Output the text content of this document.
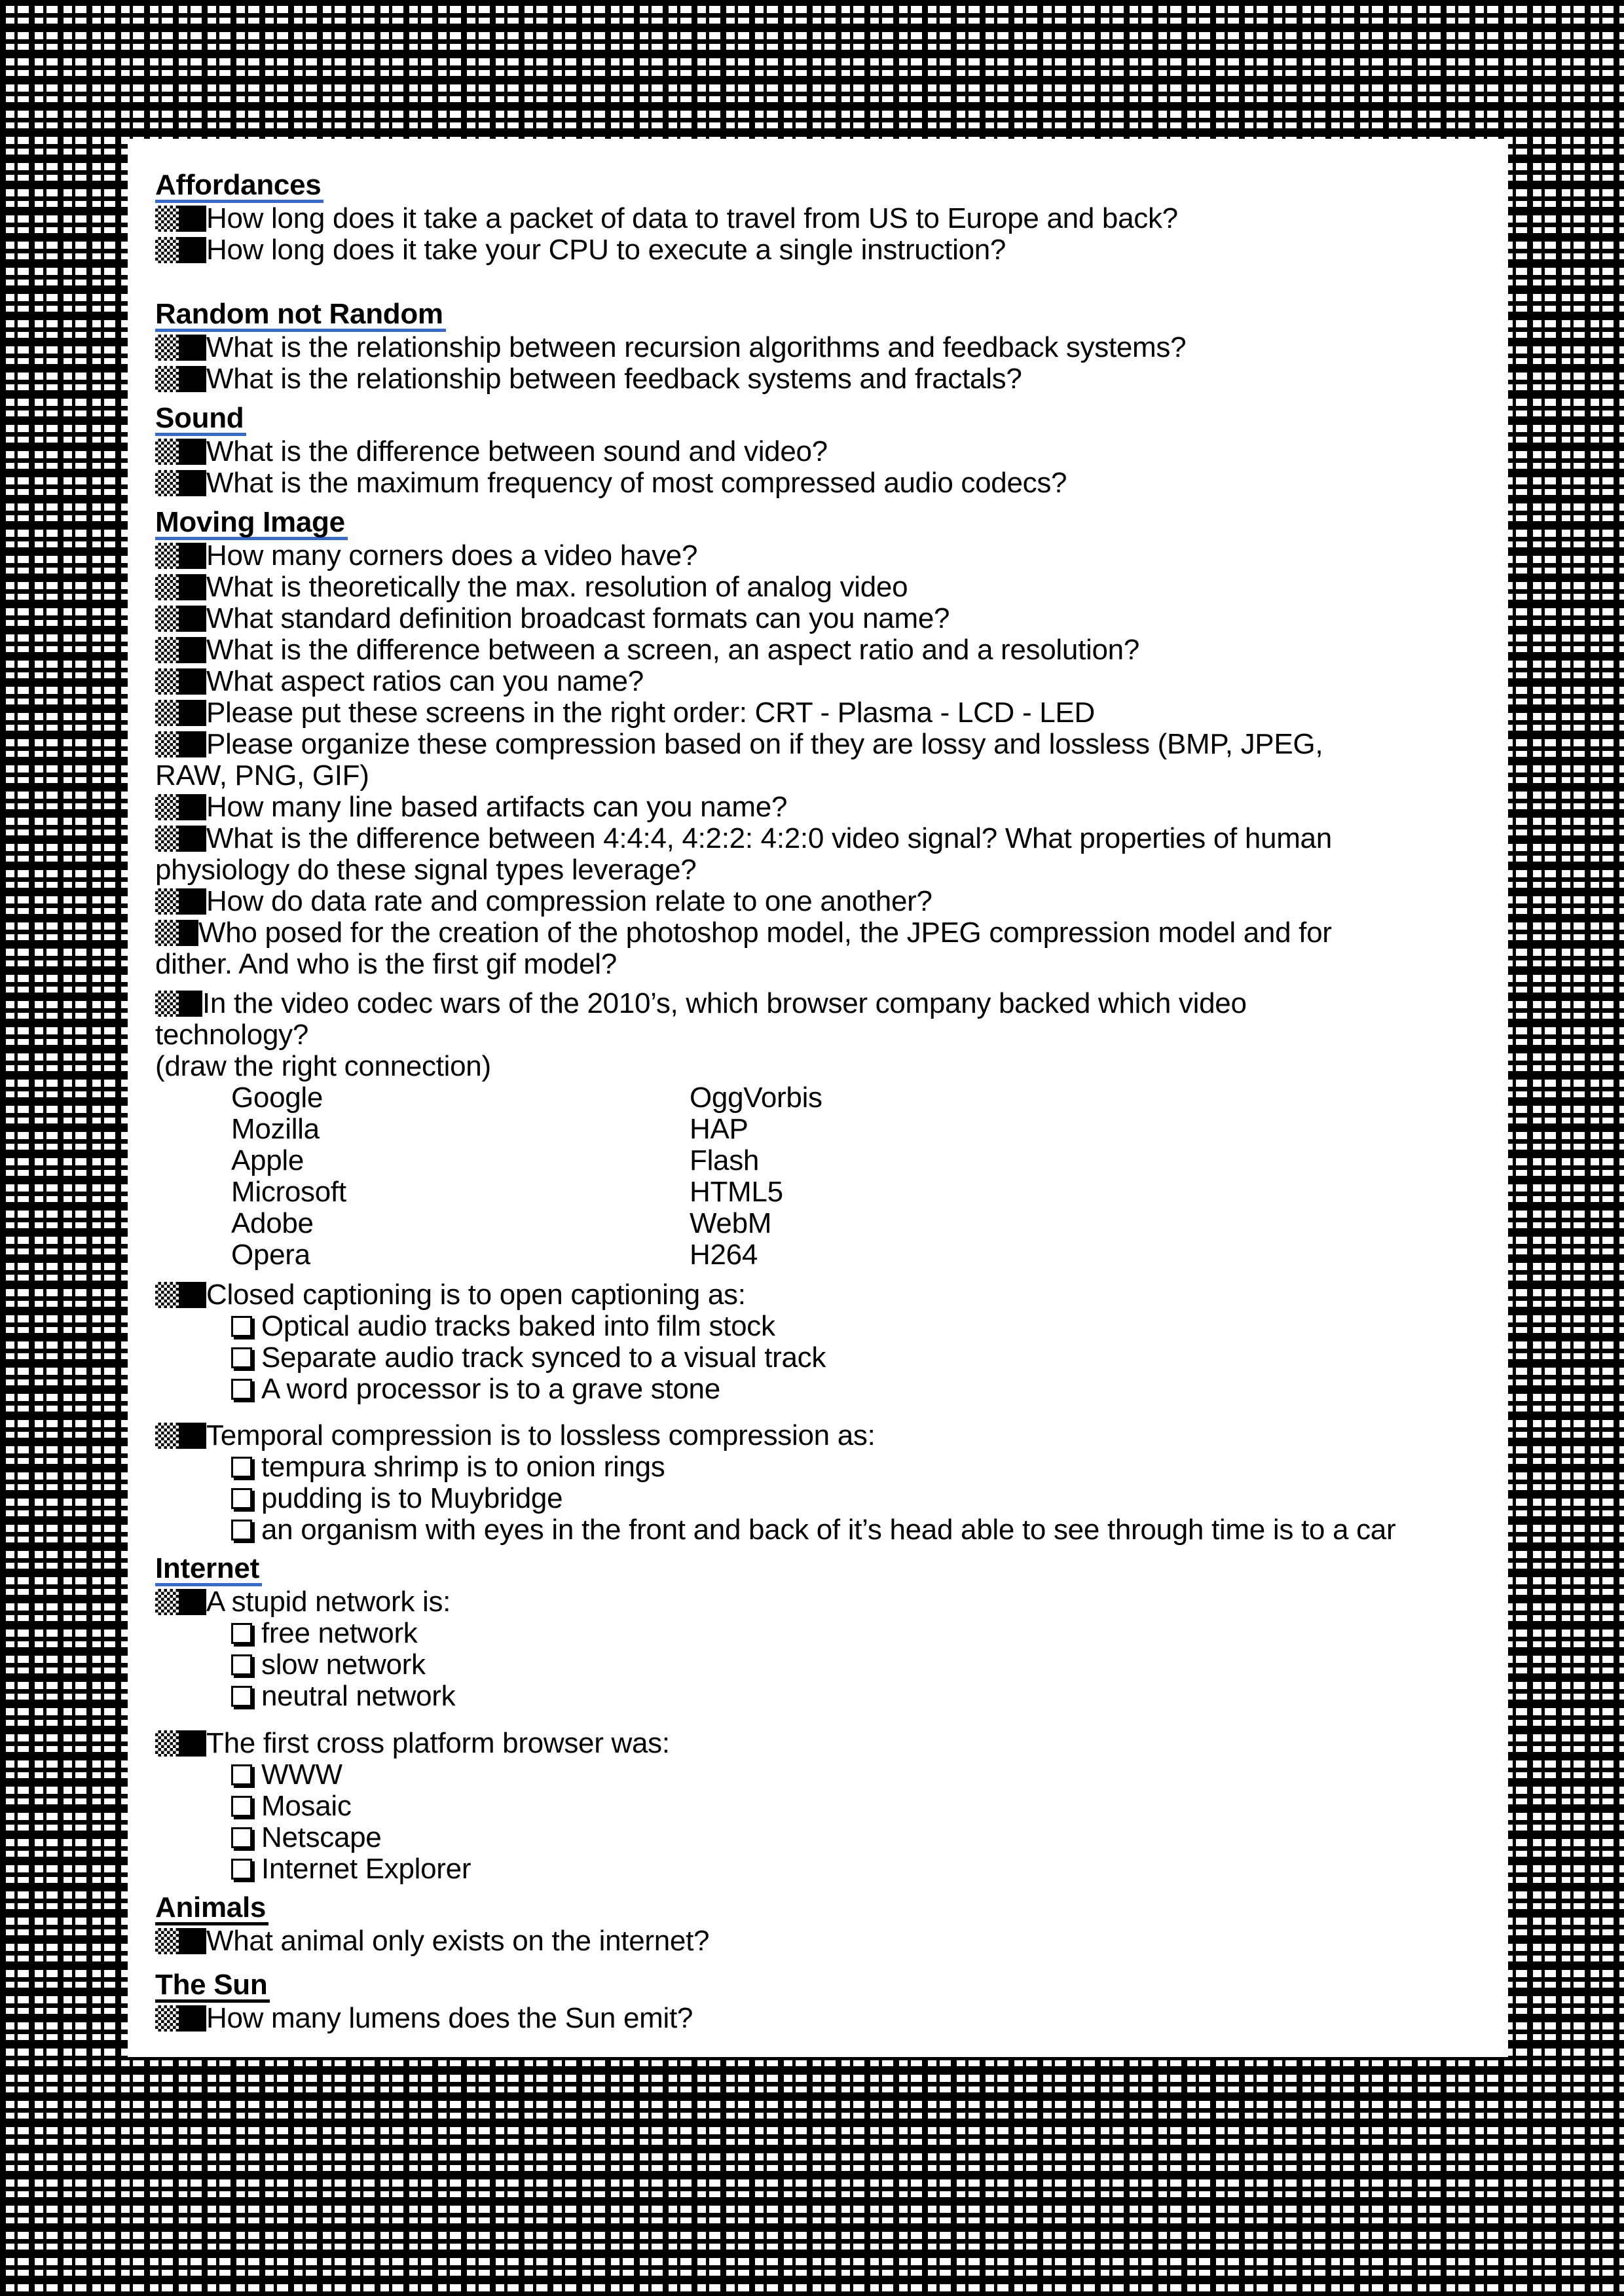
Affordances
How long does it take a packet of data to travel from US to Europe and back?
How long does it take your CPU to execute a single instruction?
Random not Random
What is the relationship between recursion algorithms and feedback systems?
What is the relationship between feedback systems and fractals?
Sound
What is the difference between sound and video?
What is the maximum frequency of most compressed audio codecs?
Moving Image
How many corners does a video have?
What is theoretically the max. resolution of analog video
What standard definition broadcast formats can you name?
What is the difference between a screen, an aspect ratio and a resolution?
What aspect ratios can you name?
Please put these screens in the right order: CRT - Plasma - LCD - LED
Please organize these compression based on if they are lossy and lossless (BMP, JPEG,
RAW, PNG, GIF)
How many line based artifacts can you name?
What is the difference between 4:4:4, 4:2:2: 4:2:0 video signal? What properties of human
physiology do these signal types leverage?
How do data rate and compression relate to one another?
Who posed for the creation of the photoshop model, the JPEG compression model and for
dither. And who is the first gif model?
In the video codec wars of the 2010’s, which browser company backed which video
technology?
(draw the right connection)
Google
Mozilla
Apple
Microsoft
Adobe
Opera
OggVorbis
HAP
Flash
HTML5
WebM
H264
Closed captioning is to open captioning as:
Optical audio tracks baked into film stock
Separate audio track synced to a visual track
A word processor is to a grave stone
Temporal compression is to lossless compression as:
tempura shrimp is to onion rings
pudding is to Muybridge
an organism with eyes in the front and back of it’s head able to see through time is to a car
Internet
A stupid network is:
free network
slow network
neutral network
The first cross platform browser was:
WWW
Mosaic
Netscape
Internet Explorer
Animals
What animal only exists on the internet?
The Sun
How many lumens does the Sun emit?
